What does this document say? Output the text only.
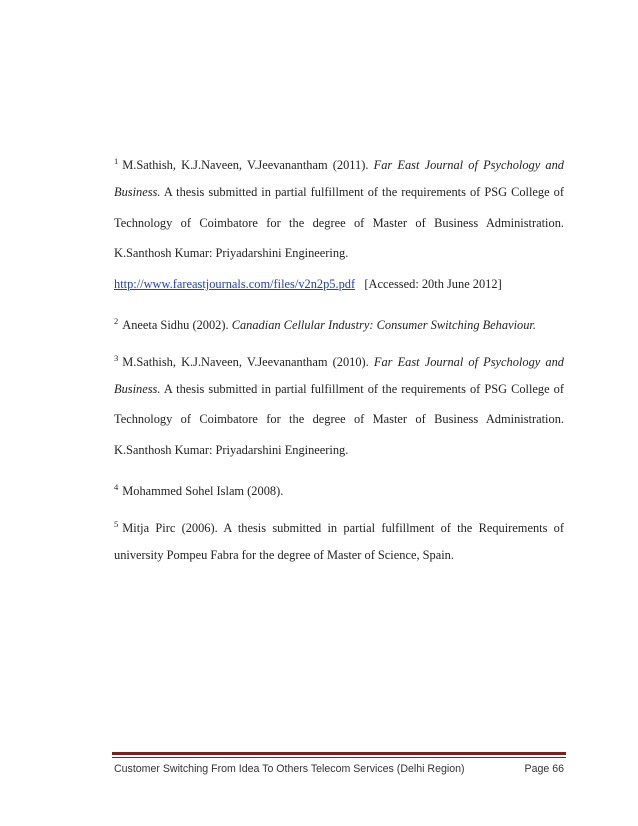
$^1$ M.Sathish, K.J.Naveen, V.Jeevanantham (2011). Far East Journal of Psychology and
Business. A thesis submitted in partial fulfillment of the requirements of PSG College of
Technology of Coimbatore for the degree of Master of Business Administration.
K.Santhosh Kumar: Priyadarshini Engineering.
http://www.fareastjournals.com/files/v2n2p5.pdf [Accessed: 20th June 2012]
$^2$ Aneeta Sidhu (2002). Canadian Cellular Industry: Consumer Switching Behaviour.
$^3$ M.Sathish, K.J.Naveen, V.Jeevanantham (2010). Far East Journal of Psychology and
Business. A thesis submitted in partial fulfillment of the requirements of PSG College of
Technology of Coimbatore for the degree of Master of Business Administration.
K.Santhosh Kumar: Priyadarshini Engineering.
$^4$ Mohammed Sohel Islam (2008).
$^5$ Mitja Pirc (2006). A thesis submitted in partial fulfillment of the Requirements of
university Pompeu Fabra for the degree of Master of Science, Spain.
Customer Switching From Idea To Others Telecom Services (Delhi Region)	Page 66
